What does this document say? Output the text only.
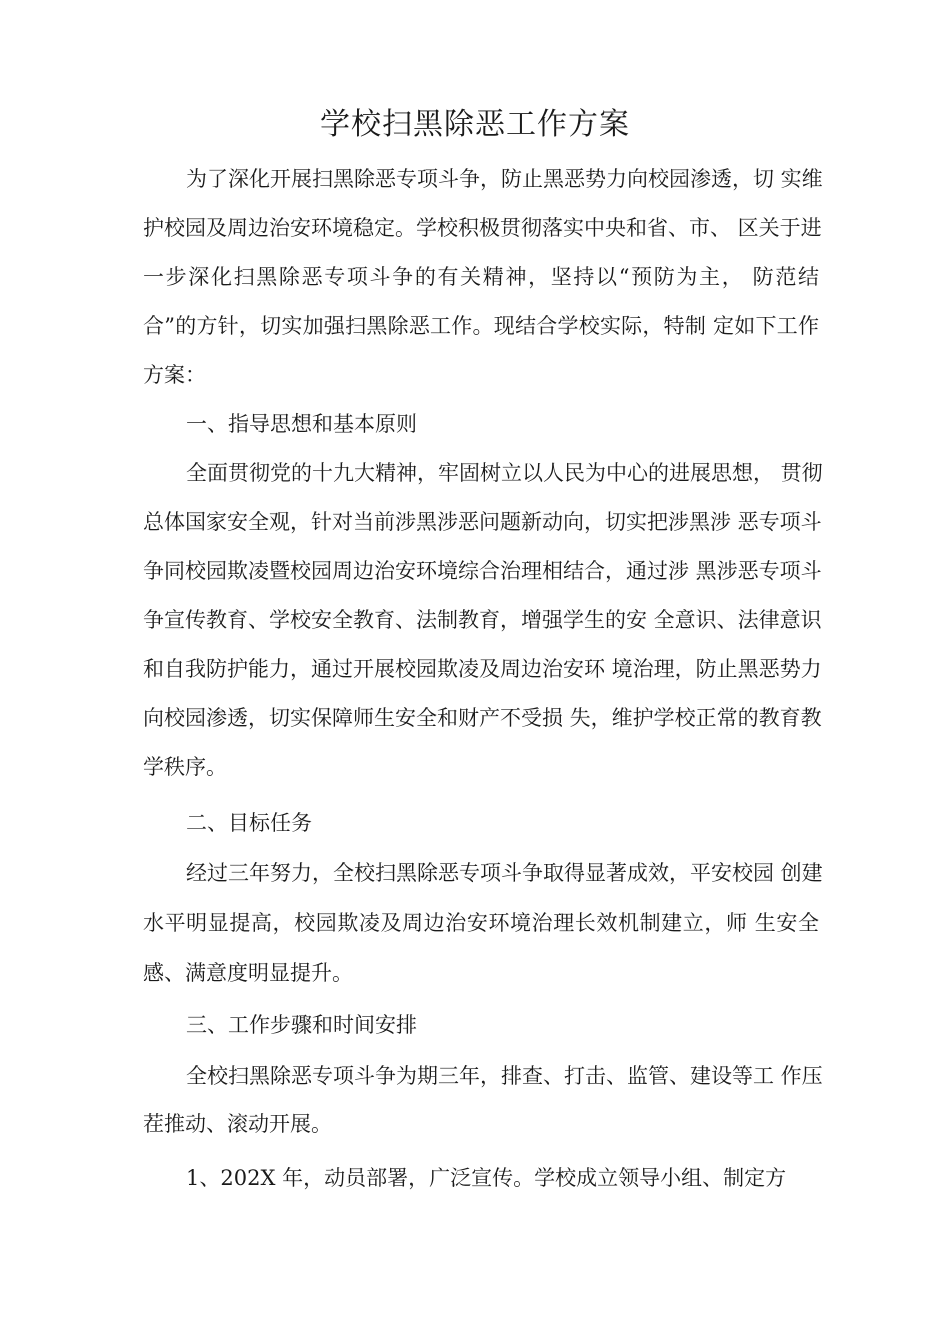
学校扫黑除恶工作方案

为了深化开展扫黑除恶专项斗争，防止黑恶势力向校园渗透，切 实维

护校园及周边治安环境稳定。学校积极贯彻落实中央和省、市、 区关于进

一步深化扫黑除恶专项斗争的有关精神，坚持以“预防为主， 防范结

合”的方针，切实加强扫黑除恶工作。现结合学校实际，特制 定如下工作

方案：

一、指导思想和基本原则

全面贯彻党的十九大精神，牢固树立以人民为中心的进展思想， 贯彻

总体国家安全观，针对当前涉黑涉恶问题新动向，切实把涉黑涉 恶专项斗

争同校园欺凌暨校园周边治安环境综合治理相结合，通过涉 黑涉恶专项斗

争宣传教育、学校安全教育、法制教育，增强学生的安 全意识、法律意识

和自我防护能力，通过开展校园欺凌及周边治安环 境治理，防止黑恶势力

向校园渗透，切实保障师生安全和财产不受损 失，维护学校正常的教育教

学秩序。

二、目标任务

经过三年努力，全校扫黑除恶专项斗争取得显著成效，平安校园 创建

水平明显提高，校园欺凌及周边治安环境治理长效机制建立，师 生安全

感、满意度明显提升。

三、工作步骤和时间安排

全校扫黑除恶专项斗争为期三年，排查、打击、监管、建设等工 作压

茬推动、滚动开展。

1、202X 年，动员部署，广泛宣传。学校成立领导小组、制定方
